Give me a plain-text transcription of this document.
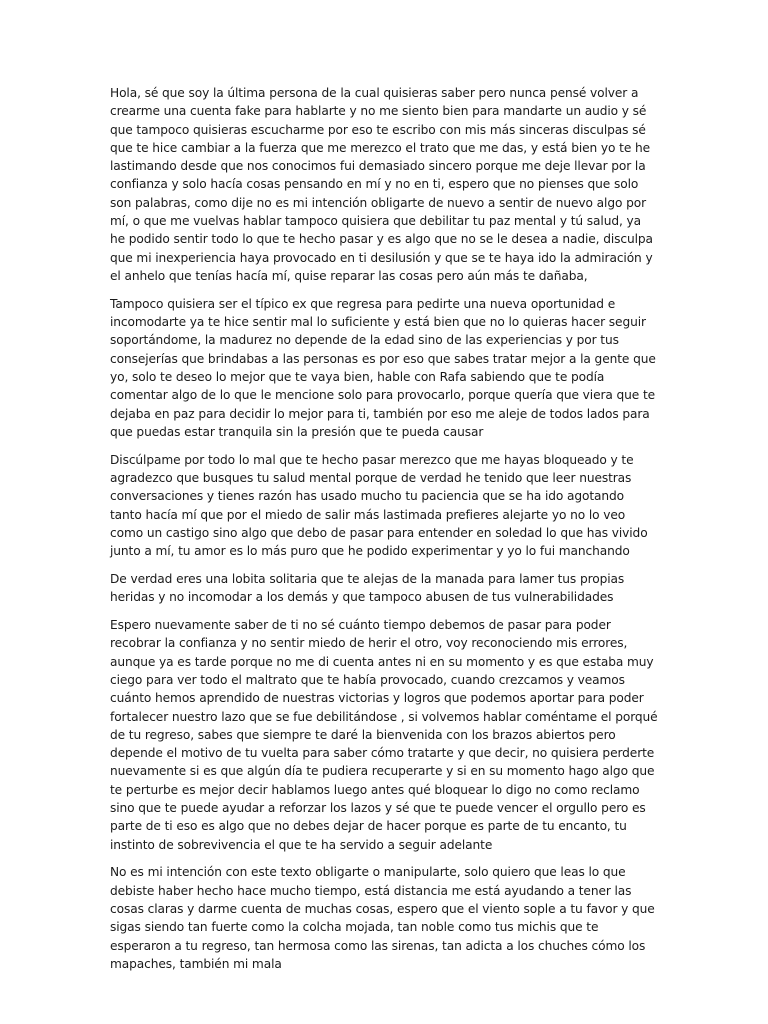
Hola, sé que soy la última persona de la cual quisieras saber pero nunca pensé volver a crearme una cuenta fake para hablarte y no me siento bien para mandarte un audio y sé que tampoco quisieras escucharme por eso te escribo con mis más sinceras disculpas sé que te hice cambiar a la fuerza que me merezco el trato que me das, y está bien yo te he lastimando desde que nos conocimos fui demasiado sincero porque me deje llevar por la confianza y solo hacía cosas pensando en mí y no en ti, espero que no pienses que solo son palabras, como dije no es mi intención obligarte de nuevo a sentir de nuevo algo por mí, o que me vuelvas hablar tampoco quisiera que debilitar tu paz mental y tú salud, ya he podido sentir todo lo que te hecho pasar y es algo que no se le desea a nadie, disculpa que mi inexperiencia haya provocado en ti desilusión y que se te haya ido la admiración y el anhelo que tenías hacía mí, quise reparar las cosas pero aún más te dañaba,

Tampoco quisiera ser el típico ex que regresa para pedirte una nueva oportunidad e incomodarte ya te hice sentir mal lo suficiente y está bien que no lo quieras hacer seguir soportándome, la madurez no depende de la edad sino de las experiencias y por tus consejerías que brindabas a las personas es por eso que sabes tratar mejor a la gente que yo, solo te deseo lo mejor que te vaya bien, hable con Rafa sabiendo que te podía comentar algo de lo que le mencione solo para provocarlo, porque quería que viera que te dejaba en paz para decidir lo mejor para ti, también por eso me aleje de todos lados para que puedas estar tranquila sin la presión que te pueda causar

Discúlpame por todo lo mal que te hecho pasar merezco que me hayas bloqueado y te agradezco que busques tu salud mental porque de verdad he tenido que leer nuestras conversaciones y tienes razón has usado mucho tu paciencia que se ha ido agotando tanto hacía mí que por el miedo de salir más lastimada prefieres alejarte yo no lo veo como un castigo sino algo que debo de pasar para entender en soledad lo que has vivido junto a mí, tu amor es lo más puro que he podido experimentar y yo lo fui manchando

De verdad eres una lobita solitaria que te alejas de la manada para lamer tus propias heridas y no incomodar a los demás y que tampoco abusen de tus vulnerabilidades

Espero nuevamente saber de ti no sé cuánto tiempo debemos de pasar para poder recobrar la confianza y no sentir miedo de herir el otro, voy reconociendo mis errores, aunque ya es tarde porque no me di cuenta antes ni en su momento y es que estaba muy ciego para ver todo el maltrato que te había provocado, cuando crezcamos y veamos cuánto hemos aprendido de nuestras victorias y logros que podemos aportar para poder fortalecer nuestro lazo que se fue debilitándose , si volvemos hablar coméntame el porqué de tu regreso, sabes que siempre te daré la bienvenida con los brazos abiertos pero depende el motivo de tu vuelta para saber cómo tratarte y que decir, no quisiera perderte nuevamente si es que algún día te pudiera recuperarte y si en su momento hago algo que te perturbe es mejor decir hablamos luego antes qué bloquear lo digo no como reclamo sino que te puede ayudar a reforzar los lazos y sé que te puede vencer el orgullo pero es parte de ti eso es algo que no debes dejar de hacer porque es parte de tu encanto, tu instinto de sobrevivencia el que te ha servido a seguir adelante

No es mi intención con este texto obligarte o manipularte, solo quiero que leas lo que debiste haber hecho hace mucho tiempo, está distancia me está ayudando a tener las cosas claras y darme cuenta de muchas cosas, espero que el viento sople a tu favor y que sigas siendo tan fuerte como la colcha mojada, tan noble como tus michis que te esperaron a tu regreso, tan hermosa como las sirenas, tan adicta a los chuches cómo los mapaches, también mi mala
